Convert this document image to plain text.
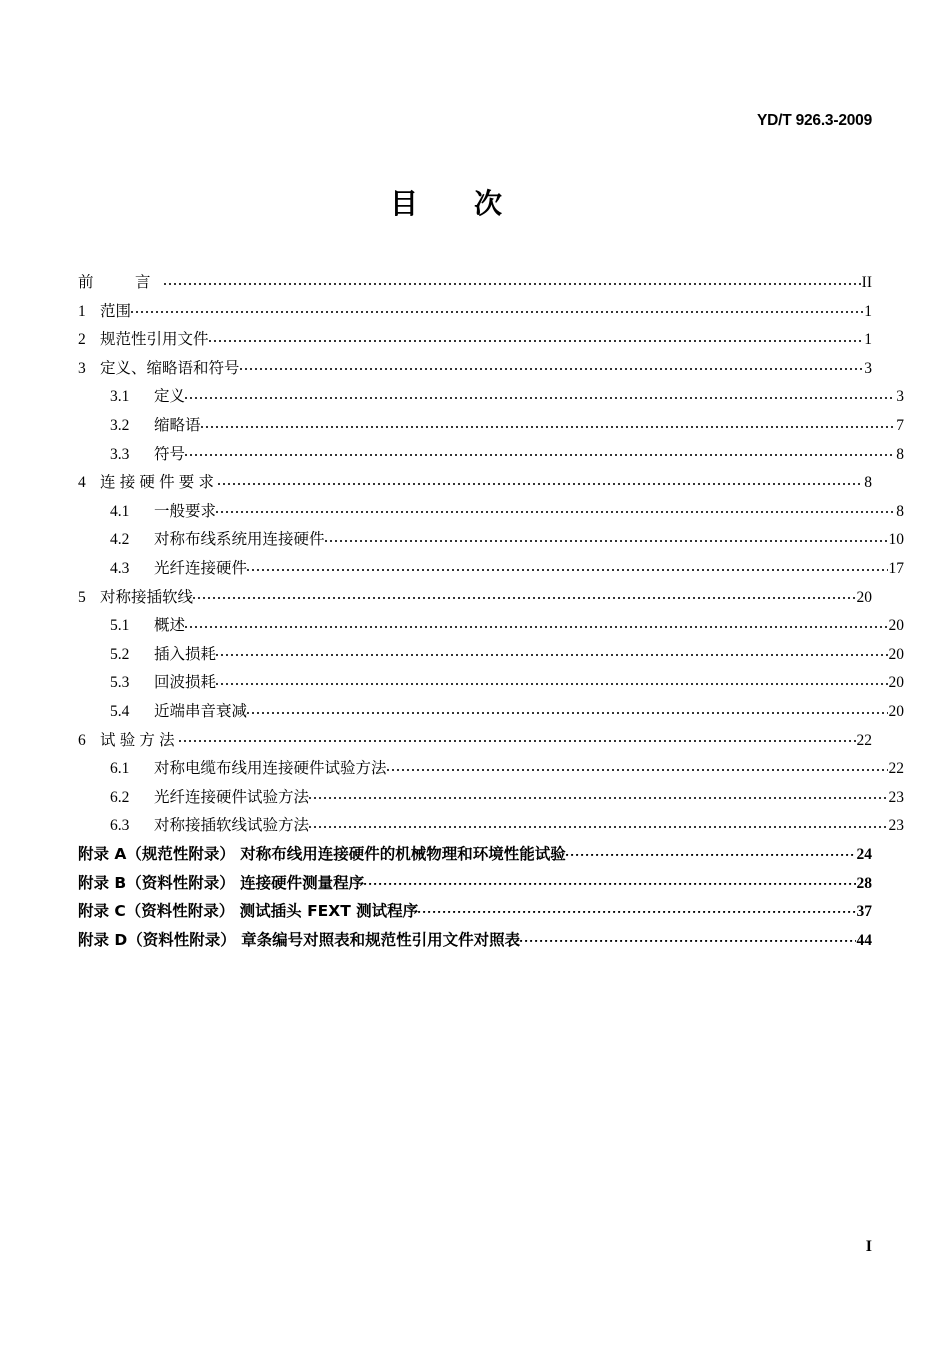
YD/T 926.3-2009
目　次
前　言	II
1 范围	1
2 规范性引用文件	1
3 定义、缩略语和符号	3
3.1	定义	3
3.2	缩略语	7
3.3	符号	8
4 连接硬件要求	8
4.1	一般要求	8
4.2	对称布线系统用连接硬件	10
4.3	光纤连接硬件	17
5 对称接插软线	20
5.1	概述	20
5.2	插入损耗	20
5.3	回波损耗	20
5.4	近端串音衰减	20
6 试验方法	22
6.1	对称电缆布线用连接硬件试验方法	22
6.2	光纤连接硬件试验方法	23
6.3	对称接插软线试验方法	23
附录 A（规范性附录） 对称布线用连接硬件的机械物理和环境性能试验	24
附录 B（资料性附录） 连接硬件测量程序	28
附录 C（资料性附录） 测试插头 FEXT 测试程序	37
附录 D（资料性附录） 章条编号对照表和规范性引用文件对照表	44
I
